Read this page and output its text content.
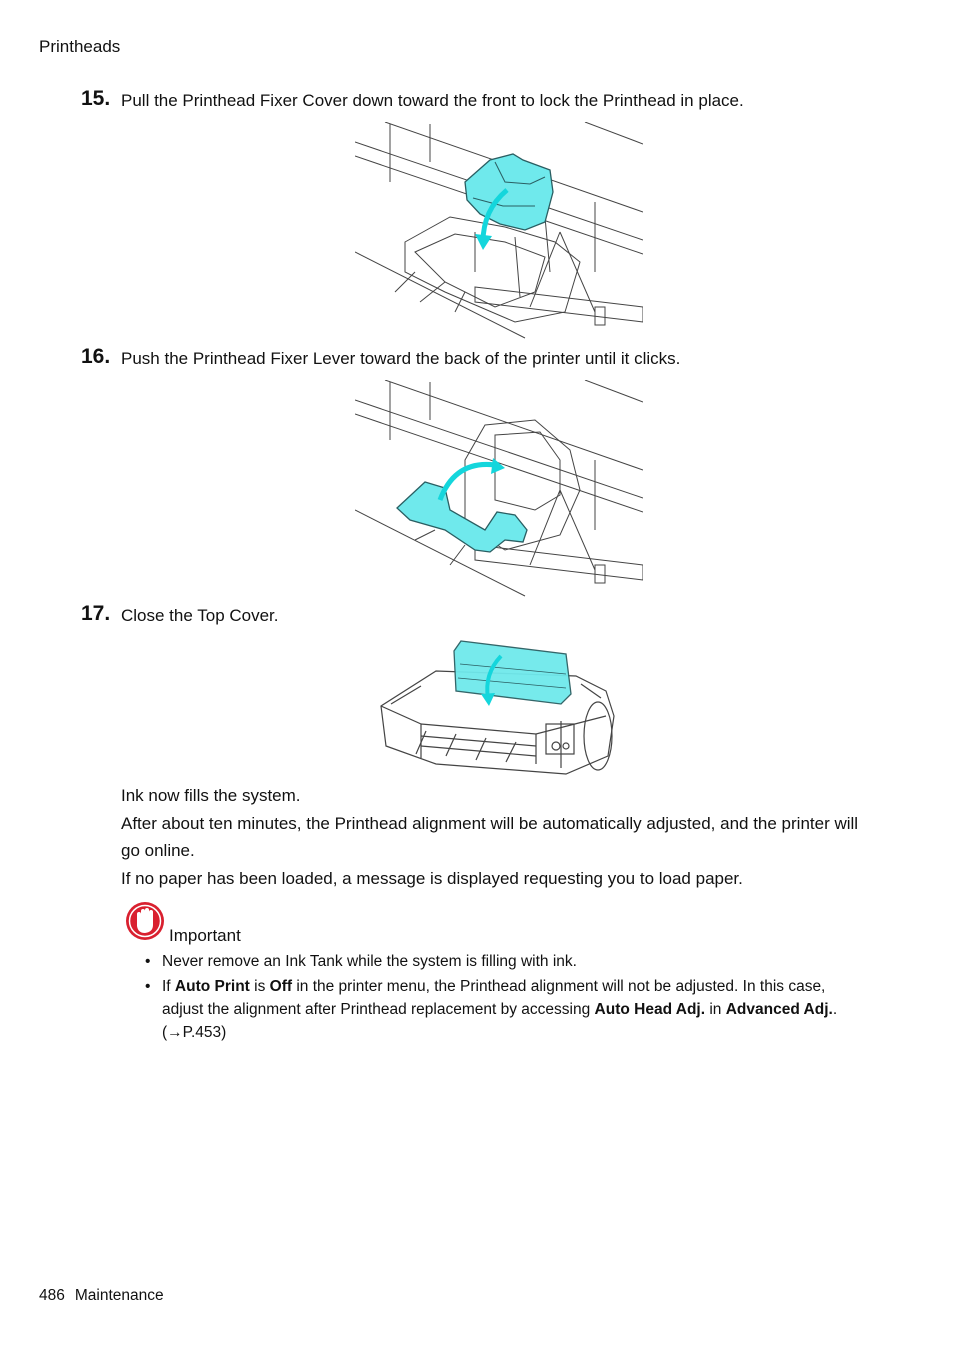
Printheads
15. Pull the Printhead Fixer Cover down toward the front to lock the Printhead in place.
16. Push the Printhead Fixer Lever toward the back of the printer until it clicks.
17. Close the Top Cover.

Ink now fills the system.

After about ten minutes, the Printhead alignment will be automatically adjusted, and the printer will go online.

If no paper has been loaded, a message is displayed requesting you to load paper.

Important
• Never remove an Ink Tank while the system is filling with ink.
• If Auto Print is Off in the printer menu, the Printhead alignment will not be adjusted. In this case, adjust the alignment after Printhead replacement by accessing Auto Head Adj. in Advanced Adj.. (→P.453)
486 Maintenance
